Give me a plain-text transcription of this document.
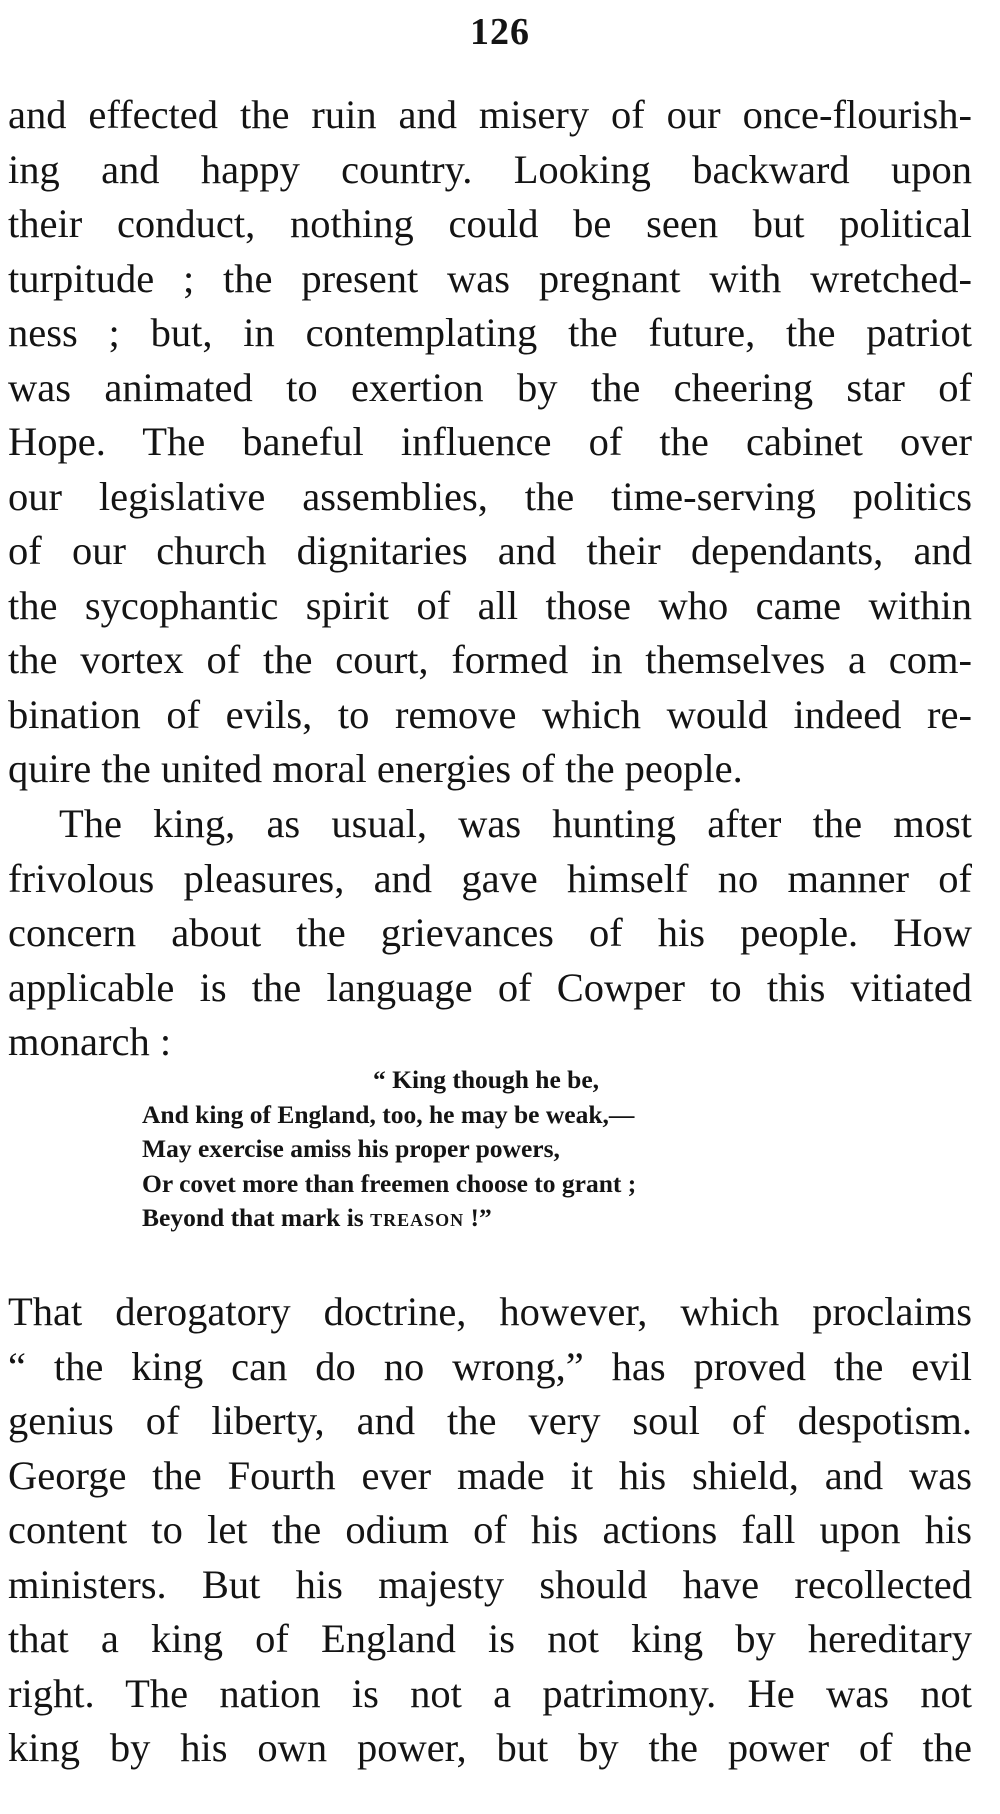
126
and effected the ruin and misery of our once-flourish-
ing and happy country. Looking backward upon
their conduct, nothing could be seen but political
turpitude ; the present was pregnant with wretched-
ness ; but, in contemplating the future, the patriot
was animated to exertion by the cheering star of
Hope. The baneful influence of the cabinet over
our legislative assemblies, the time-serving politics
of our church dignitaries and their dependants, and
the sycophantic spirit of all those who came within
the vortex of the court, formed in themselves a com-
bination of evils, to remove which would indeed re-
quire the united moral energies of the people.
The king, as usual, was hunting after the most
frivolous pleasures, and gave himself no manner of
concern about the grievances of his people. How
applicable is the language of Cowper to this vitiated
monarch :
“ King though he be,
And king of England, too, he may be weak,—
May exercise amiss his proper powers,
Or covet more than freemen choose to grant ;
Beyond that mark is treason !”
That derogatory doctrine, however, which proclaims
“ the king can do no wrong,” has proved the evil
genius of liberty, and the very soul of despotism.
George the Fourth ever made it his shield, and was
content to let the odium of his actions fall upon his
ministers. But his majesty should have recollected
that a king of England is not king by hereditary
right. The nation is not a patrimony. He was not
king by his own power, but by the power of the
